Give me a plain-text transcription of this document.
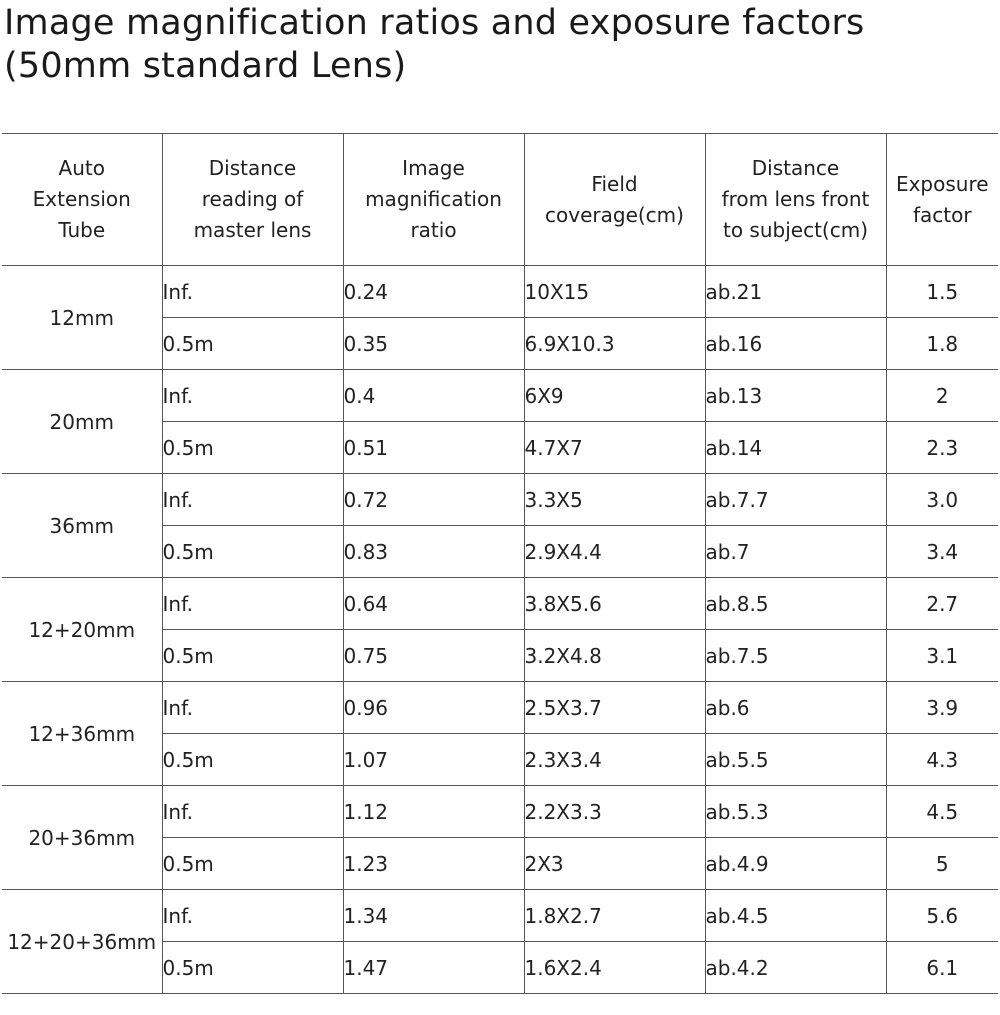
Image magnification ratios and exposure factors
(50mm standard Lens)
Auto
Extension
Tube	Distance
reading of
master lens	Image
magnification
ratio	Field
coverage(cm)	Distance
from lens front
to subject(cm)	Exposure
factor

12mm	Inf.	0.24	10X15	ab.21	1.5
	0.5m	0.35	6.9X10.3	ab.16	1.8
20mm	Inf.	0.4	6X9	ab.13	2
	0.5m	0.51	4.7X7	ab.14	2.3
36mm	Inf.	0.72	3.3X5	ab.7.7	3.0
	0.5m	0.83	2.9X4.4	ab.7	3.4
12+20mm	Inf.	0.64	3.8X5.6	ab.8.5	2.7
	0.5m	0.75	3.2X4.8	ab.7.5	3.1
12+36mm	Inf.	0.96	2.5X3.7	ab.6	3.9
	0.5m	1.07	2.3X3.4	ab.5.5	4.3
20+36mm	Inf.	1.12	2.2X3.3	ab.5.3	4.5
	0.5m	1.23	2X3	ab.4.9	5
12+20+36mm	Inf.	1.34	1.8X2.7	ab.4.5	5.6
	0.5m	1.47	1.6X2.4	ab.4.2	6.1
